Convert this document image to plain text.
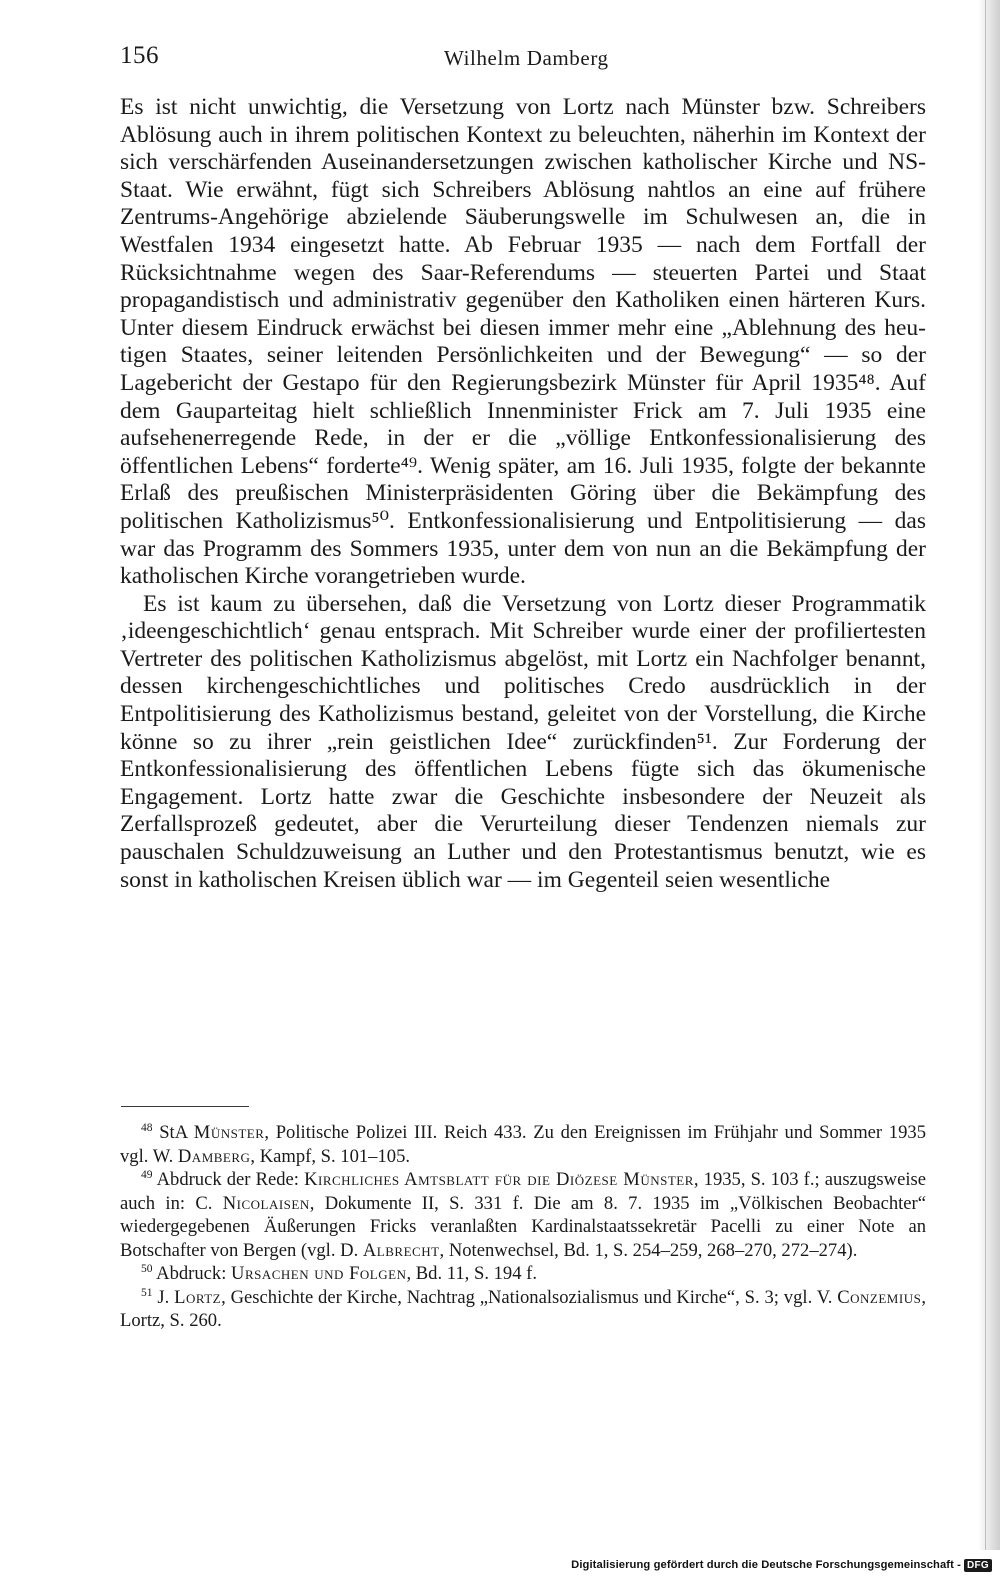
156	Wilhelm Damberg

Es ist nicht unwichtig, die Versetzung von Lortz nach Münster bzw. Schreibers Ablösung auch in ihrem politischen Kontext zu beleuchten, näherhin im Kontext der sich verschärfenden Auseinandersetzungen zwischen katholischer Kirche und NS-Staat. Wie erwähnt, fügt sich Schreibers Ablösung nahtlos an eine auf frühere Zentrums-Angehörige abzielende Säuberungswelle im Schulwesen an, die in Westfalen 1934 eingesetzt hatte. Ab Februar 1935 — nach dem Fortfall der Rücksichtnahme wegen des Saar-Referendums — steuerten Partei und Staat propagandistisch und administrativ gegenüber den Katholiken einen härteren Kurs. Unter diesem Eindruck erwächst bei diesen immer mehr eine „Ablehnung des heutigen Staates, seiner leitenden Persönlichkeiten und der Bewegung“ — so der Lagebericht der Gestapo für den Regierungsbezirk Münster für April 1935⁴⁸. Auf dem Gauparteitag hielt schließlich Innenminister Frick am 7. Juli 1935 eine aufsehenerregende Rede, in der er die „völlige Entkonfessionalisierung des öffentlichen Lebens“ forderte⁴⁹. Wenig später, am 16. Juli 1935, folgte der bekannte Erlaß des preußischen Ministerpräsidenten Göring über die Bekämpfung des politischen Katholizismus⁵⁰. Entkonfessionalisierung und Entpolitisierung — das war das Programm des Sommers 1935, unter dem von nun an die Bekämpfung der katholischen Kirche vorangetrieben wurde.

Es ist kaum zu übersehen, daß die Versetzung von Lortz dieser Programmatik ‚ideengeschichtlich‘ genau entsprach. Mit Schreiber wurde einer der profiliertesten Vertreter des politischen Katholizismus abgelöst, mit Lortz ein Nachfolger benannt, dessen kirchengeschichtliches und politisches Credo ausdrücklich in der Entpolitisierung des Katholizismus bestand, geleitet von der Vorstellung, die Kirche könne so zu ihrer „rein geistlichen Idee“ zurückfinden⁵¹. Zur Forderung der Entkonfessionalisierung des öffentlichen Lebens fügte sich das ökumenische Engagement. Lortz hatte zwar die Geschichte insbesondere der Neuzeit als Zerfallsprozeß gedeutet, aber die Verurteilung dieser Tendenzen niemals zur pauschalen Schuldzuweisung an Luther und den Protestantismus benutzt, wie es sonst in katholischen Kreisen üblich war — im Gegenteil seien wesentliche

$^{48}$ StA Münster, Politische Polizei III. Reich 433. Zu den Ereignissen im Frühjahr und Sommer 1935 vgl. W. Damberg, Kampf, S. 101–105.

$^{49}$ Abdruck der Rede: Kirchliches Amtsblatt für die Diözese Münster, 1935, S. 103 f.; auszugsweise auch in: C. Nicolaisen, Dokumente II, S. 331 f. Die am 8. 7. 1935 im „Völkischen Beobachter“ wiedergegebenen Äußerungen Fricks veranlaßten Kardinalstaatssekretär Pacelli zu einer Note an Botschafter von Bergen (vgl. D. Albrecht, Notenwechsel, Bd. 1, S. 254–259, 268–270, 272–274).

$^{50}$ Abdruck: Ursachen und Folgen, Bd. 11, S. 194 f.

$^{51}$ J. Lortz, Geschichte der Kirche, Nachtrag „Nationalsozialismus und Kirche“, S. 3; vgl. V. Conzemius, Lortz, S. 260.

Digitalisierung gefördert durch die Deutsche Forschungsgemeinschaft - DFG
